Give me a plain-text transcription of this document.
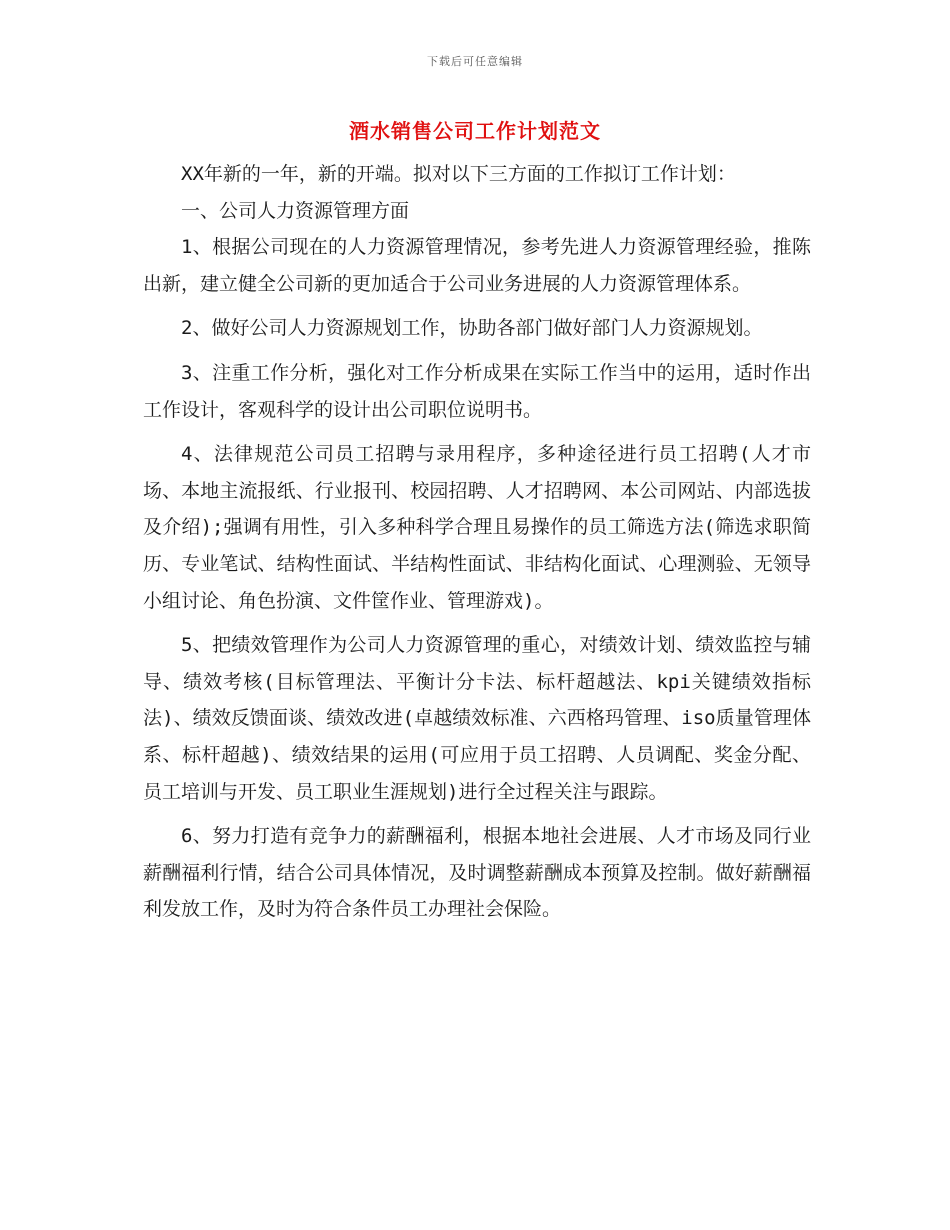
下载后可任意编辑
酒水销售公司工作计划范文

XX年新的一年，新的开端。拟对以下三方面的工作拟订工作计划：

一、公司人力资源管理方面

1、根据公司现在的人力资源管理情况，参考先进人力资源管理经验，推陈出新，建立健全公司新的更加适合于公司业务进展的人力资源管理体系。

2、做好公司人力资源规划工作，协助各部门做好部门人力资源规划。

3、注重工作分析，强化对工作分析成果在实际工作当中的运用，适时作出工作设计，客观科学的设计出公司职位说明书。

4、法律规范公司员工招聘与录用程序，多种途径进行员工招聘(人才市场、本地主流报纸、行业报刊、校园招聘、人才招聘网、本公司网站、内部选拔及介绍);强调有用性，引入多种科学合理且易操作的员工筛选方法(筛选求职简历、专业笔试、结构性面试、半结构性面试、非结构化面试、心理测验、无领导小组讨论、角色扮演、文件筐作业、管理游戏)。

5、把绩效管理作为公司人力资源管理的重心，对绩效计划、绩效监控与辅导、绩效考核(目标管理法、平衡计分卡法、标杆超越法、kpi关键绩效指标法)、绩效反馈面谈、绩效改进(卓越绩效标准、六西格玛管理、iso质量管理体系、标杆超越)、绩效结果的运用(可应用于员工招聘、人员调配、奖金分配、员工培训与开发、员工职业生涯规划)进行全过程关注与跟踪。

6、努力打造有竞争力的薪酬福利，根据本地社会进展、人才市场及同行业薪酬福利行情，结合公司具体情况，及时调整薪酬成本预算及控制。做好薪酬福利发放工作，及时为符合条件员工办理社会保险。
